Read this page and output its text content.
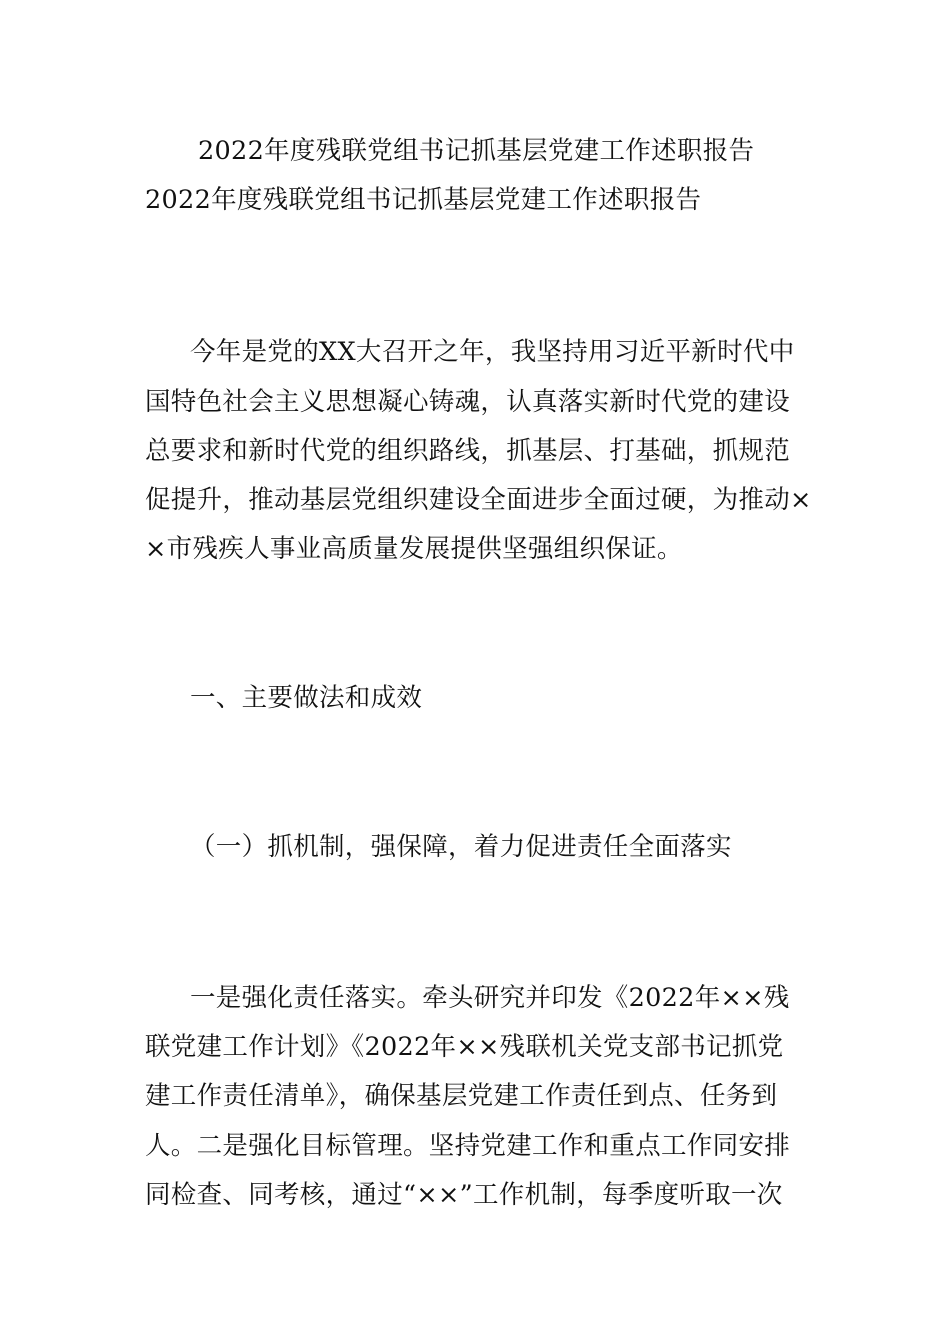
2022年度残联党组书记抓基层党建工作述职报告
2022年度残联党组书记抓基层党建工作述职报告
今年是党的XX大召开之年，我坚持用习近平新时代中
国特色社会主义思想凝心铸魂，认真落实新时代党的建设
总要求和新时代党的组织路线，抓基层、打基础，抓规范
促提升，推动基层党组织建设全面进步全面过硬，为推动×
×市残疾人事业高质量发展提供坚强组织保证。
一、主要做法和成效
（一）抓机制，强保障，着力促进责任全面落实
一是强化责任落实。牵头研究并印发《2022年××残
联党建工作计划》《2022年××残联机关党支部书记抓党
建工作责任清单》，确保基层党建工作责任到点、任务到
人。二是强化目标管理。坚持党建工作和重点工作同安排
同检查、同考核，通过“××”工作机制，每季度听取一次
